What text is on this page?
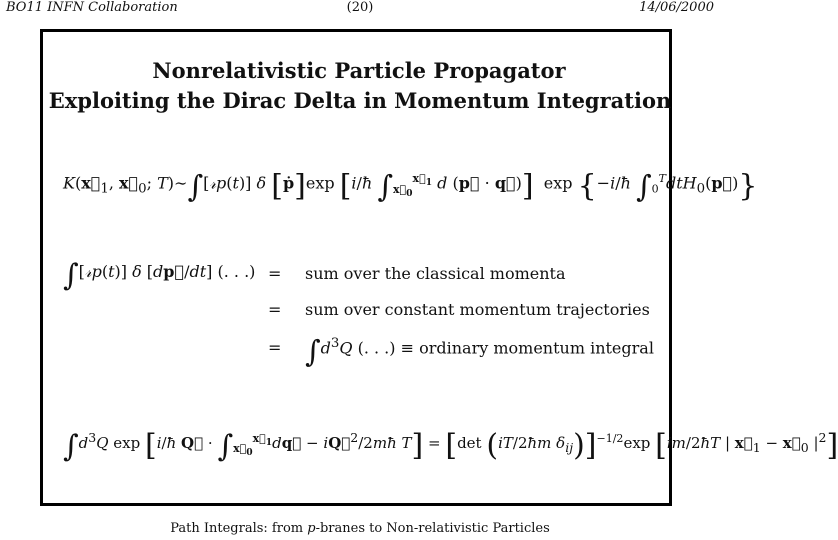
BO11 INFN Collaboration	(20)	14/06/2000
Nonrelativistic Particle Propagator
Exploiting the Dirac Delta in Momentum Integration
$K(x⃗_1$, $x⃗_0$; T)∼∫[𝓇p(t)] δ [ṗ]exp [i/ħ $\int_{x⃗_0}^{x⃗_1}$ d (p⃗ · q⃗)]  exp {−i/ħ $\int_0^TdtH_0(p⃗)$}
∫[𝓇p(t)] δ [dp⃗/dt] (. . .) = sum over the classical momenta
= sum over constant momentum trajectories
= $\int d^3Q$ (. . .) ≡ ordinary momentum integral
$\int d^3Q$ exp [i/ħ Q⃗ · $\int_{x⃗_0}^{x⃗_1}dq⃗$ − iQ⃗$^2$/2mħ T] = [det (iT/2ħm $\delta_{ij})]^{-1/2}\exp$ [im/2ħT | $x⃗_1$ − $x⃗_0$ $|^2$]
Path Integrals: from p-branes to Non-relativistic Particles
